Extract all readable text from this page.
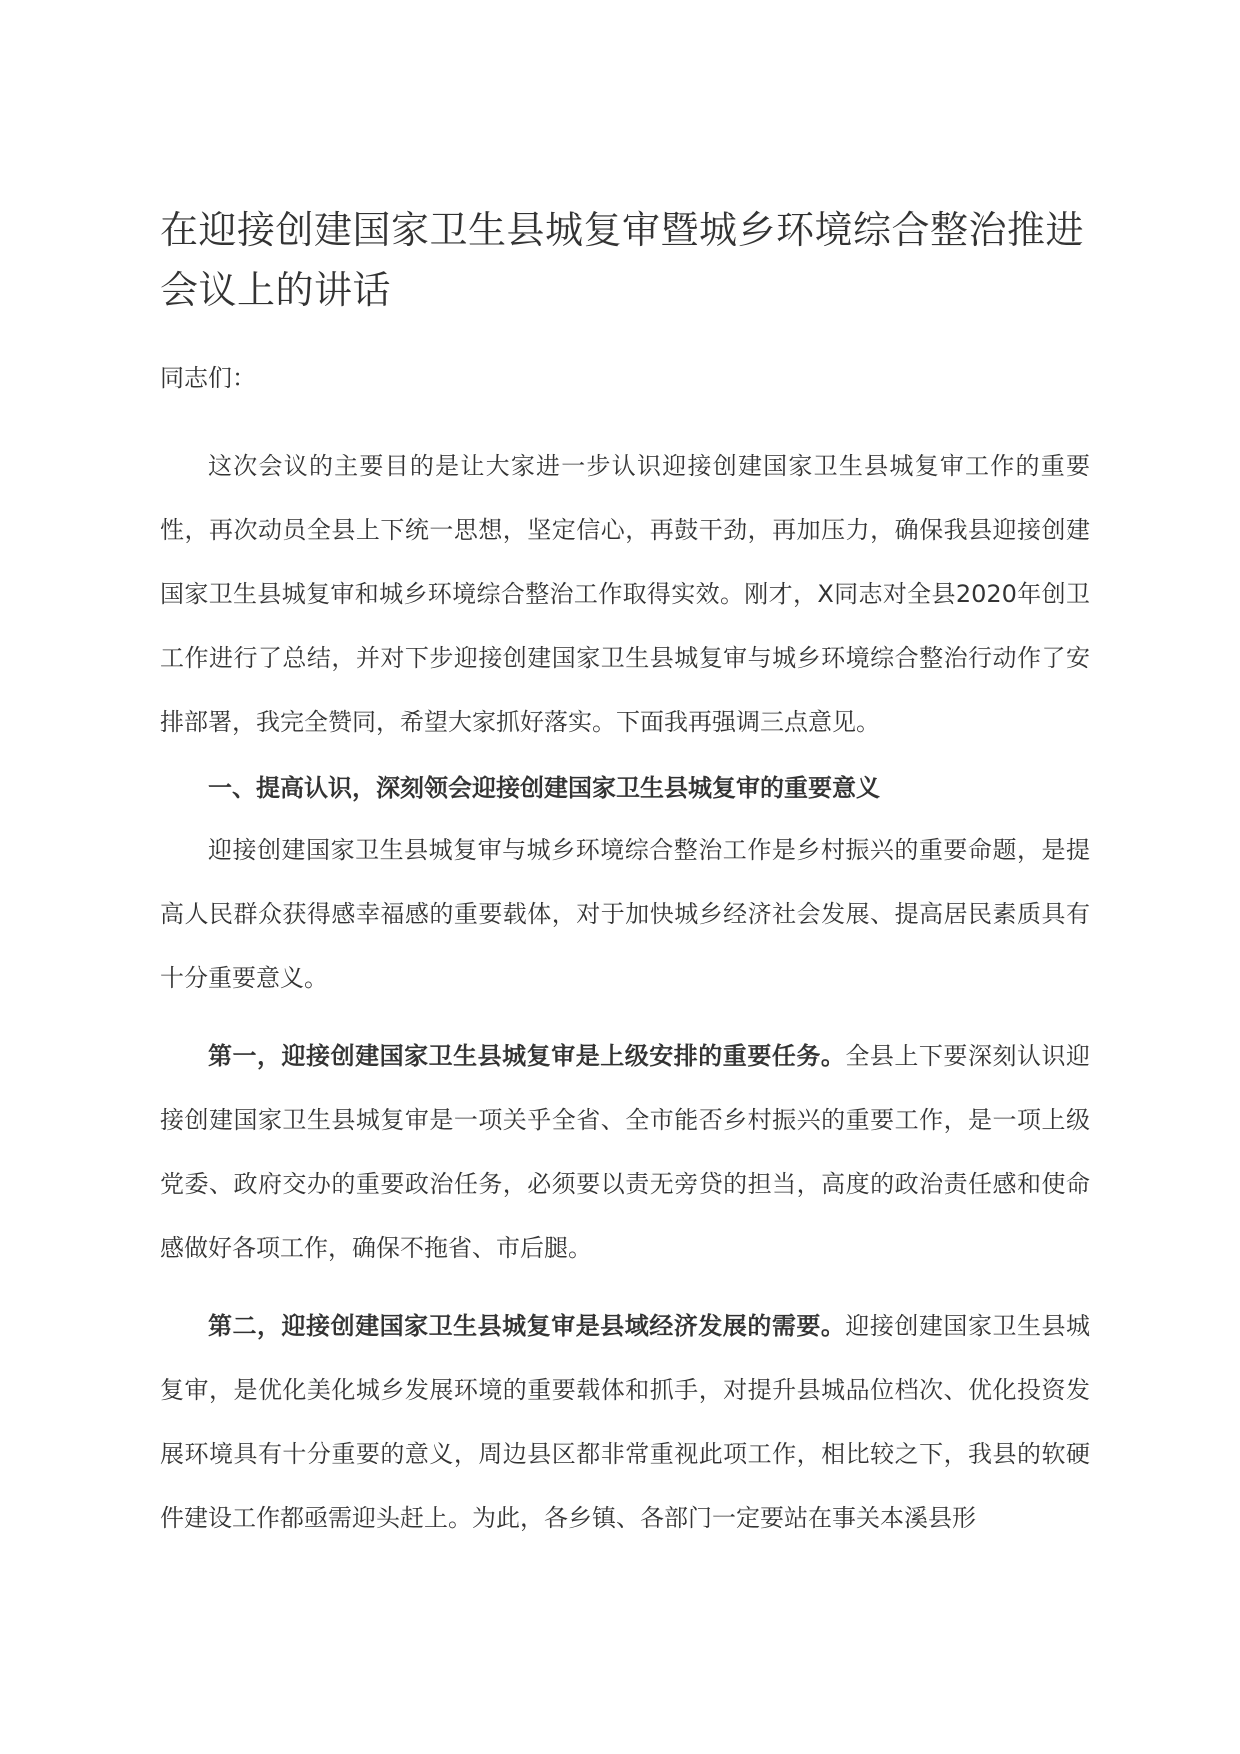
在迎接创建国家卫生县城复审暨城乡环境综合整治推进会议上的讲话

同志们：

这次会议的主要目的是让大家进一步认识迎接创建国家卫生县城复审工作的重要性，再次动员全县上下统一思想，坚定信心，再鼓干劲，再加压力，确保我县迎接创建国家卫生县城复审和城乡环境综合整治工作取得实效。刚才，X同志对全县2020年创卫工作进行了总结，并对下步迎接创建国家卫生县城复审与城乡环境综合整治行动作了安排部署，我完全赞同，希望大家抓好落实。下面我再强调三点意见。

一、提高认识，深刻领会迎接创建国家卫生县城复审的重要意义

迎接创建国家卫生县城复审与城乡环境综合整治工作是乡村振兴的重要命题，是提高人民群众获得感幸福感的重要载体，对于加快城乡经济社会发展、提高居民素质具有十分重要意义。

第一，迎接创建国家卫生县城复审是上级安排的重要任务。全县上下要深刻认识迎接创建国家卫生县城复审是一项关乎全省、全市能否乡村振兴的重要工作，是一项上级党委、政府交办的重要政治任务，必须要以责无旁贷的担当，高度的政治责任感和使命感做好各项工作，确保不拖省、市后腿。

第二，迎接创建国家卫生县城复审是县域经济发展的需要。迎接创建国家卫生县城复审，是优化美化城乡发展环境的重要载体和抓手，对提升县城品位档次、优化投资发展环境具有十分重要的意义，周边县区都非常重视此项工作，相比较之下，我县的软硬件建设工作都亟需迎头赶上。为此，各乡镇、各部门一定要站在事关本溪县形
